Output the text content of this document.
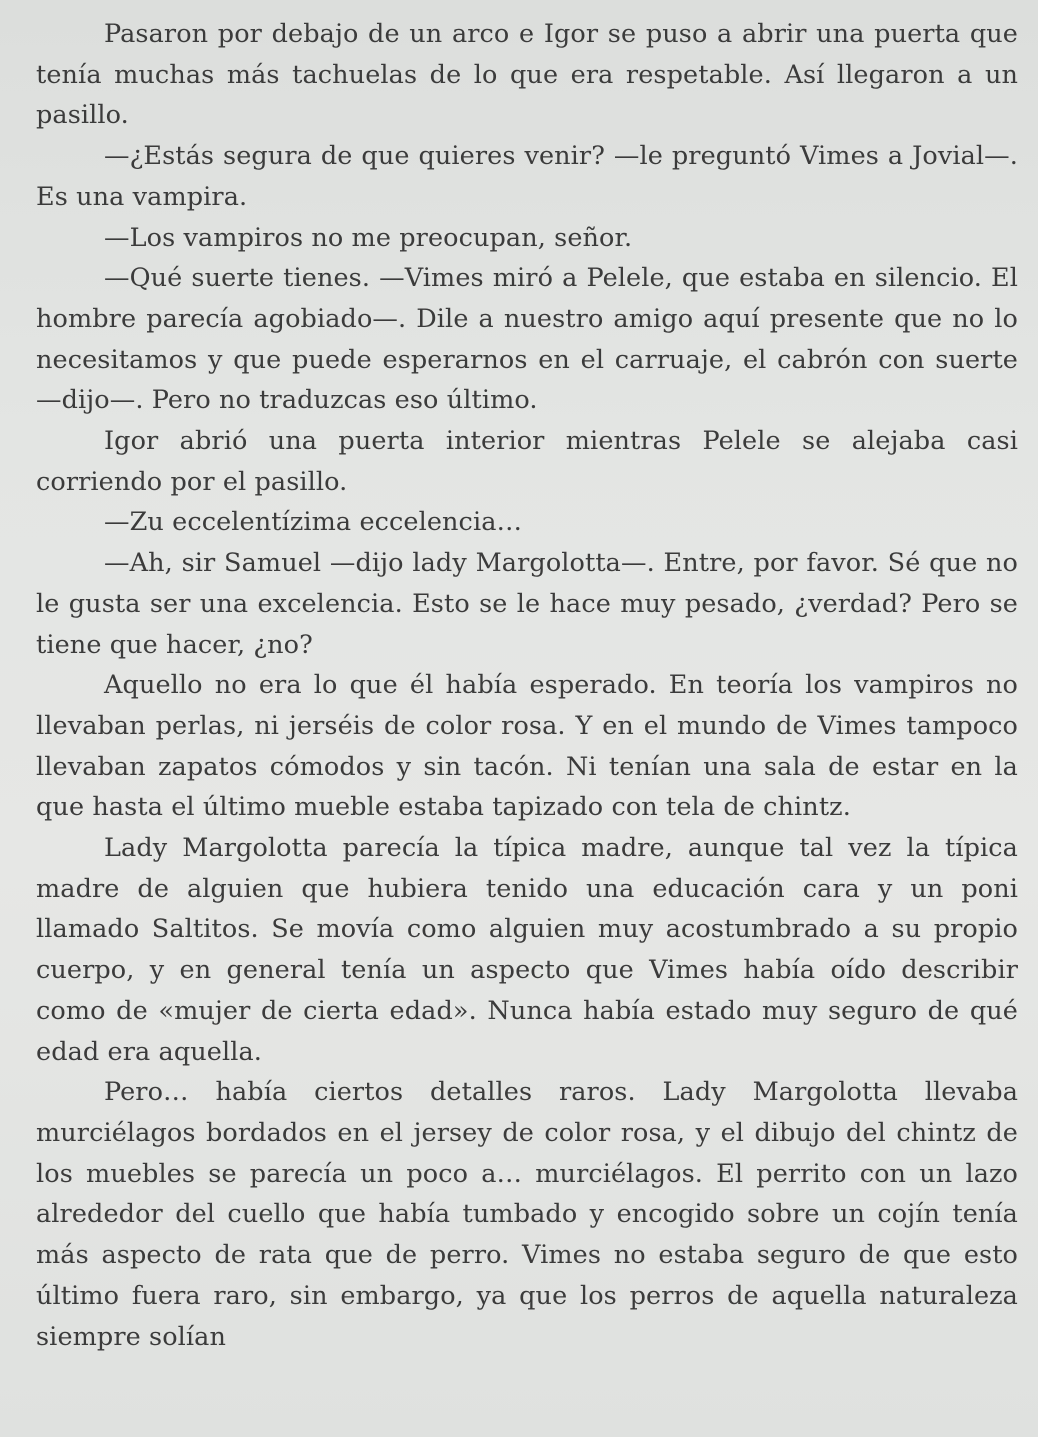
Pasaron por debajo de un arco e Igor se puso a abrir una puerta que tenía muchas más tachuelas de lo que era respetable. Así llegaron a un pasillo.

—¿Estás segura de que quieres venir? —le preguntó Vimes a Jovial—. Es una vampira.

—Los vampiros no me preocupan, señor.

—Qué suerte tienes. —Vimes miró a Pelele, que estaba en silencio. El hombre parecía agobiado—. Dile a nuestro amigo aquí presente que no lo necesitamos y que puede esperarnos en el carruaje, el cabrón con suerte —dijo—. Pero no traduzcas eso último.

Igor abrió una puerta interior mientras Pelele se alejaba casi corriendo por el pasillo.

—Zu eccelentízima eccelencia…

—Ah, sir Samuel —dijo lady Margolotta—. Entre, por favor. Sé que no le gusta ser una excelencia. Esto se le hace muy pesado, ¿verdad? Pero se tiene que hacer, ¿no?

Aquello no era lo que él había esperado. En teoría los vampiros no llevaban perlas, ni jerséis de color rosa. Y en el mundo de Vimes tampoco llevaban zapatos cómodos y sin tacón. Ni tenían una sala de estar en la que hasta el último mueble estaba tapizado con tela de chintz.

Lady Margolotta parecía la típica madre, aunque tal vez la típica madre de alguien que hubiera tenido una educación cara y un poni llamado Saltitos. Se movía como alguien muy acostumbrado a su propio cuerpo, y en general tenía un aspecto que Vimes había oído describir como de «mujer de cierta edad». Nunca había estado muy seguro de qué edad era aquella.

Pero… había ciertos detalles raros. Lady Margolotta llevaba murciélagos bordados en el jersey de color rosa, y el dibujo del chintz de los muebles se parecía un poco a… murciélagos. El perrito con un lazo alrededor del cuello que había tumbado y encogido sobre un cojín tenía más aspecto de rata que de perro. Vimes no estaba seguro de que esto último fuera raro, sin embargo, ya que los perros de aquella naturaleza siempre solían
